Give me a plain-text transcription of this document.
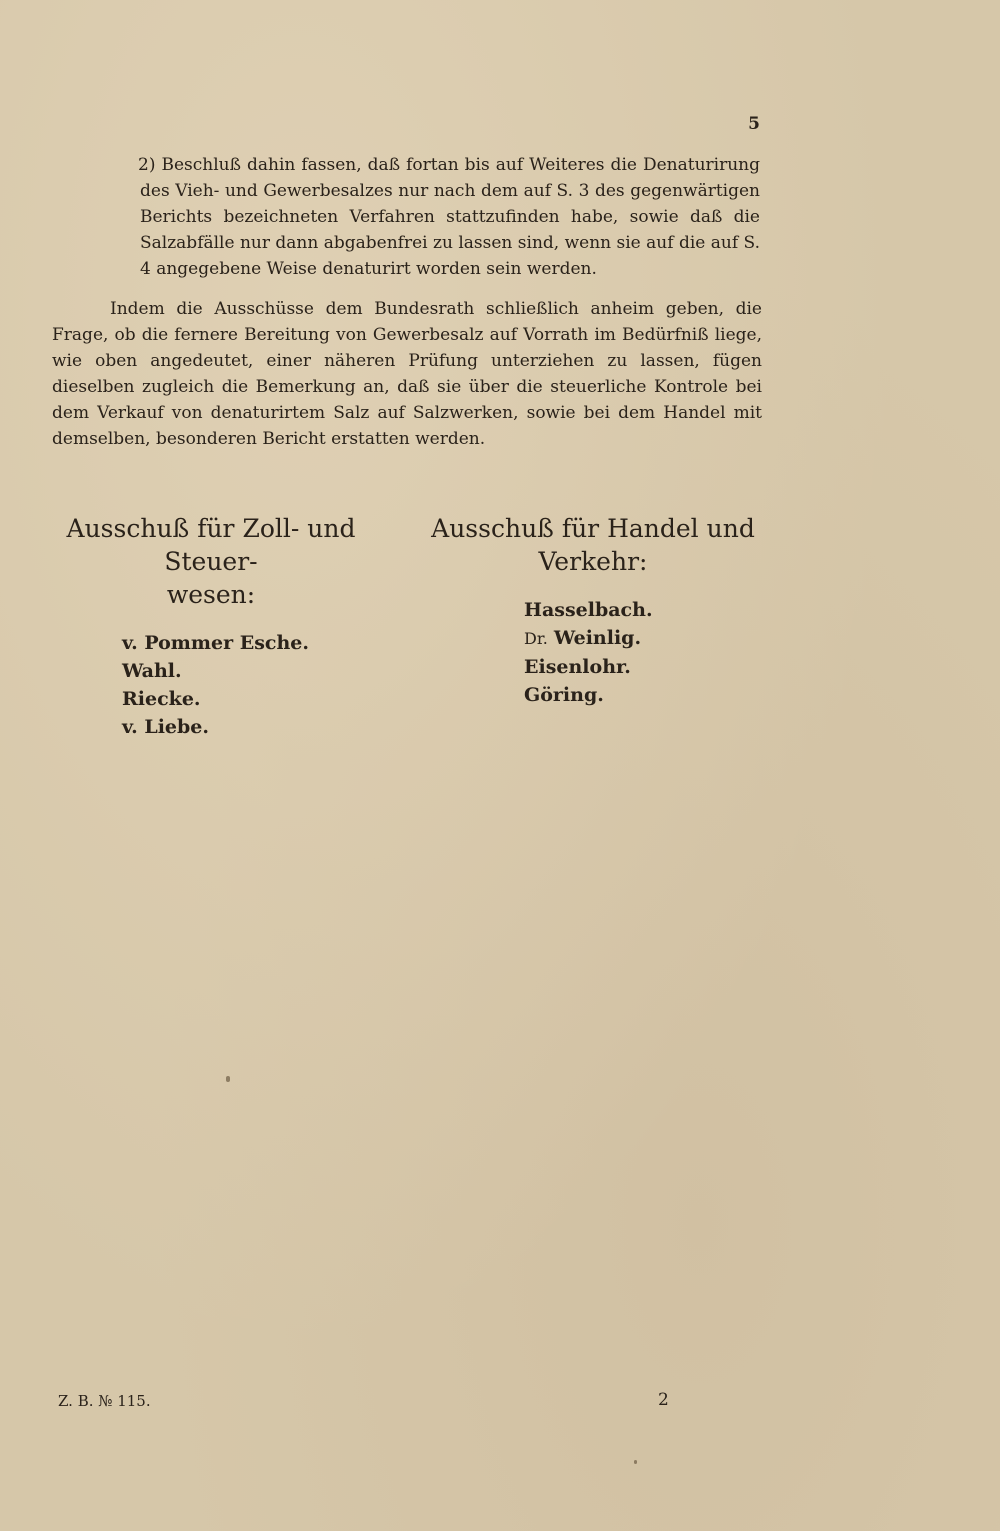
5

2) Beschluß dahin fassen, daß fortan bis auf Weiteres die Denaturirung des Vieh- und Gewerbesalzes nur nach dem auf S. 3 des gegenwärtigen Berichts bezeichneten Verfahren stattzufinden habe, sowie daß die Salzabfälle nur dann abgabenfrei zu lassen sind, wenn sie auf die auf S. 4 angegebene Weise denaturirt worden sein werden.

Indem die Ausschüsse dem Bundesrath schließlich anheim geben, die Frage, ob die fernere Bereitung von Gewerbesalz auf Vorrath im Bedürfniß liege, wie oben angedeutet, einer näheren Prüfung unterziehen zu lassen, fügen dieselben zugleich die Bemerkung an, daß sie über die steuerliche Kontrole bei dem Verkauf von denaturirtem Salz auf Salzwerken, sowie bei dem Handel mit demselben, besonderen Bericht erstatten werden.

Ausschuß für Zoll- und Steuer-
wesen:

v. Pommer Esche.
Wahl.
Riecke.
v. Liebe.

Ausschuß für Handel und
Verkehr:

Hasselbach.
Dr. Weinlig.
Eisenlohr.
Göring.
Z. B. № 115.	2
